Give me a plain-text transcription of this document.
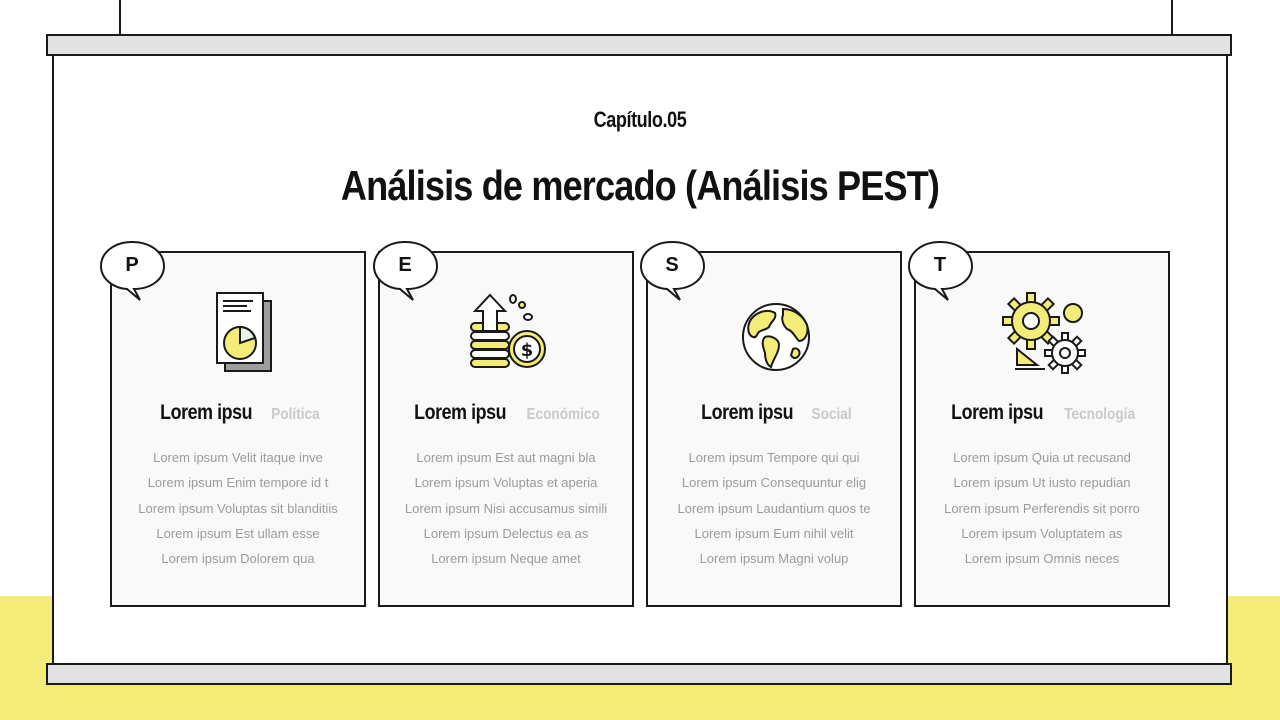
Capítulo.05
Análisis de mercado (Análisis PEST)
Lorem ipsu Política
Lorem ipsum Velit itaque inve
Lorem ipsum Enim tempore id t
Lorem ipsum Voluptas sit blanditiis
Lorem ipsum Est ullam esse
Lorem ipsum Dolorem qua
$
Lorem ipsu Económico
Lorem ipsum Est aut magni bla
Lorem ipsum Voluptas et aperia
Lorem ipsum Nisi accusamus simili
Lorem ipsum Delectus ea as
Lorem ipsum Neque amet
Lorem ipsu Social
Lorem ipsum Tempore qui qui
Lorem ipsum Consequuntur elig
Lorem ipsum Laudantium quos te
Lorem ipsum Eum nihil velit
Lorem ipsum Magni volup
Lorem ipsu Tecnología
Lorem ipsum Quia ut recusand
Lorem ipsum Ut iusto repudian
Lorem ipsum Perferendis sit porro
Lorem ipsum Voluptatem as
Lorem ipsum Omnis neces
P	E	S	T
